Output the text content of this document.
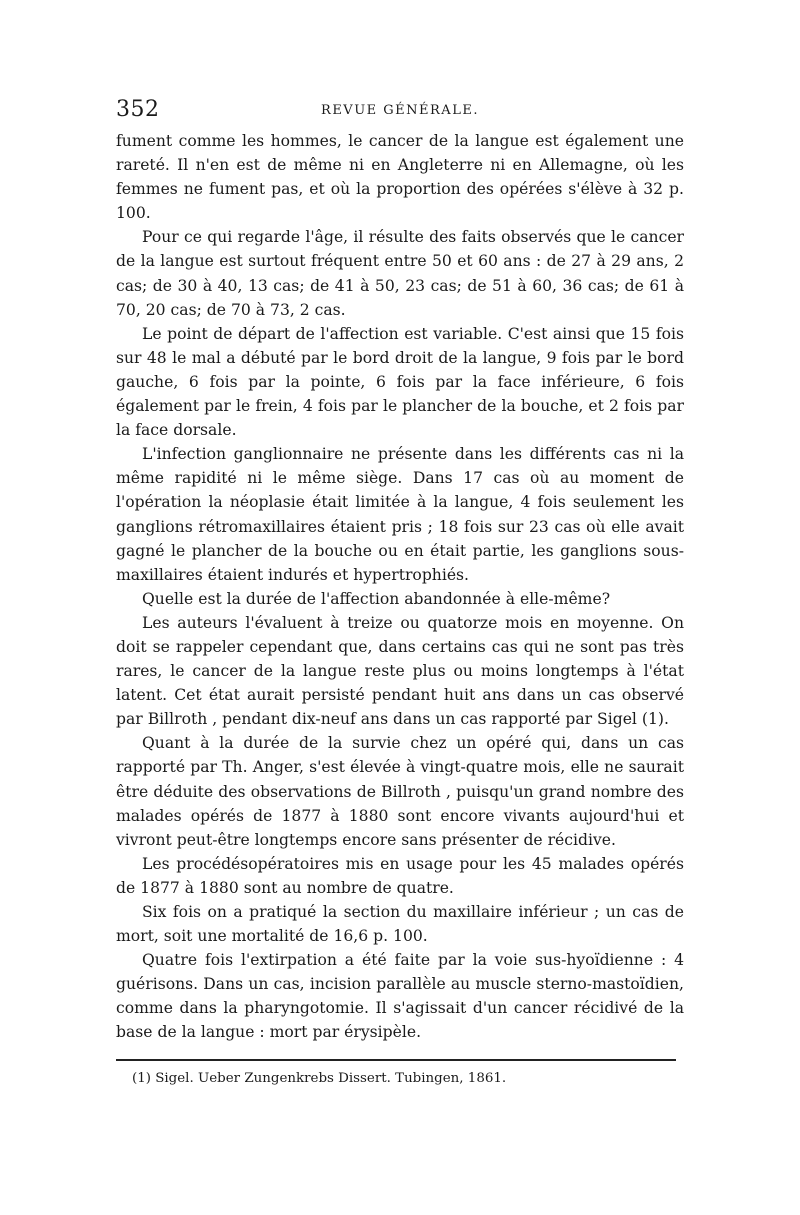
352	REVUE GÉNÉRALE.

fument comme les hommes, le cancer de la langue est également une rareté. Il n'en est de même ni en Angleterre ni en Allemagne, où les femmes ne fument pas, et où la proportion des opérées s'élève à 32 p. 100.

Pour ce qui regarde l'âge, il résulte des faits observés que le cancer de la langue est surtout fréquent entre 50 et 60 ans : de 27 à 29 ans, 2 cas; de 30 à 40, 13 cas; de 41 à 50, 23 cas; de 51 à 60, 36 cas; de 61 à 70, 20 cas; de 70 à 73, 2 cas.

Le point de départ de l'affection est variable. C'est ainsi que 15 fois sur 48 le mal a débuté par le bord droit de la langue, 9 fois par le bord gauche, 6 fois par la pointe, 6 fois par la face inférieure, 6 fois également par le frein, 4 fois par le plancher de la bouche, et 2 fois par la face dorsale.

L'infection ganglionnaire ne présente dans les différents cas ni la même rapidité ni le même siège. Dans 17 cas où au moment de l'opération la néoplasie était limitée à la langue, 4 fois seulement les ganglions rétromaxillaires étaient pris ; 18 fois sur 23 cas où elle avait gagné le plancher de la bouche ou en était partie, les ganglions sous-maxillaires étaient indurés et hypertrophiés.

Quelle est la durée de l'affection abandonnée à elle-même?

Les auteurs l'évaluent à treize ou quatorze mois en moyenne. On doit se rappeler cependant que, dans certains cas qui ne sont pas très rares, le cancer de la langue reste plus ou moins longtemps à l'état latent. Cet état aurait persisté pendant huit ans dans un cas observé par Billroth , pendant dix-neuf ans dans un cas rapporté par Sigel (1).

Quant à la durée de la survie chez un opéré qui, dans un cas rapporté par Th. Anger, s'est élevée à vingt-quatre mois, elle ne saurait être déduite des observations de Billroth , puisqu'un grand nombre des malades opérés de 1877 à 1880 sont encore vivants aujourd'hui et vivront peut-être longtemps encore sans présenter de récidive.

Les procédésopératoires mis en usage pour les 45 malades opérés de 1877 à 1880 sont au nombre de quatre.

Six fois on a pratiqué la section du maxillaire inférieur ; un cas de mort, soit une mortalité de 16,6 p. 100.

Quatre fois l'extirpation a été faite par la voie sus-hyoïdienne : 4 guérisons. Dans un cas, incision parallèle au muscle sterno-mastoïdien, comme dans la pharyngotomie. Il s'agissait d'un cancer récidivé de la base de la langue : mort par érysipèle.

(1) Sigel. Ueber Zungenkrebs Dissert. Tubingen, 1861.
